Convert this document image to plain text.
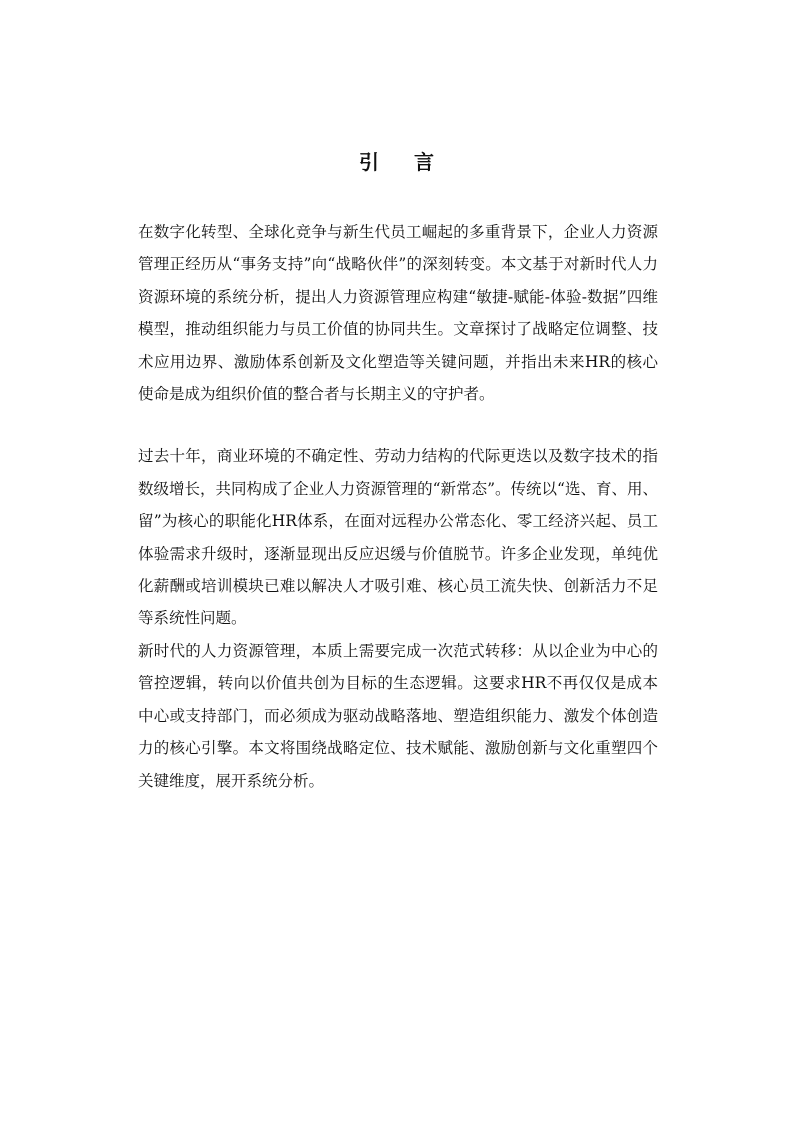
引 言

在数字化转型、全球化竞争与新生代员工崛起的多重背景下，企业人力资源管理正经历从“事务支持”向“战略伙伴”的深刻转变。本文基于对新时代人力资源环境的系统分析，提出人力资源管理应构建“敏捷-赋能-体验-数据”四维模型，推动组织能力与员工价值的协同共生。文章探讨了战略定位调整、技术应用边界、激励体系创新及文化塑造等关键问题，并指出未来HR的核心使命是成为组织价值的整合者与长期主义的守护者。

过去十年，商业环境的不确定性、劳动力结构的代际更迭以及数字技术的指数级增长，共同构成了企业人力资源管理的“新常态”。传统以“选、育、用、留”为核心的职能化HR体系，在面对远程办公常态化、零工经济兴起、员工体验需求升级时，逐渐显现出反应迟缓与价值脱节。许多企业发现，单纯优化薪酬或培训模块已难以解决人才吸引难、核心员工流失快、创新活力不足等系统性问题。

新时代的人力资源管理，本质上需要完成一次范式转移：从以企业为中心的管控逻辑，转向以价值共创为目标的生态逻辑。这要求HR不再仅仅是成本中心或支持部门，而必须成为驱动战略落地、塑造组织能力、激发个体创造力的核心引擎。本文将围绕战略定位、技术赋能、激励创新与文化重塑四个关键维度，展开系统分析。
